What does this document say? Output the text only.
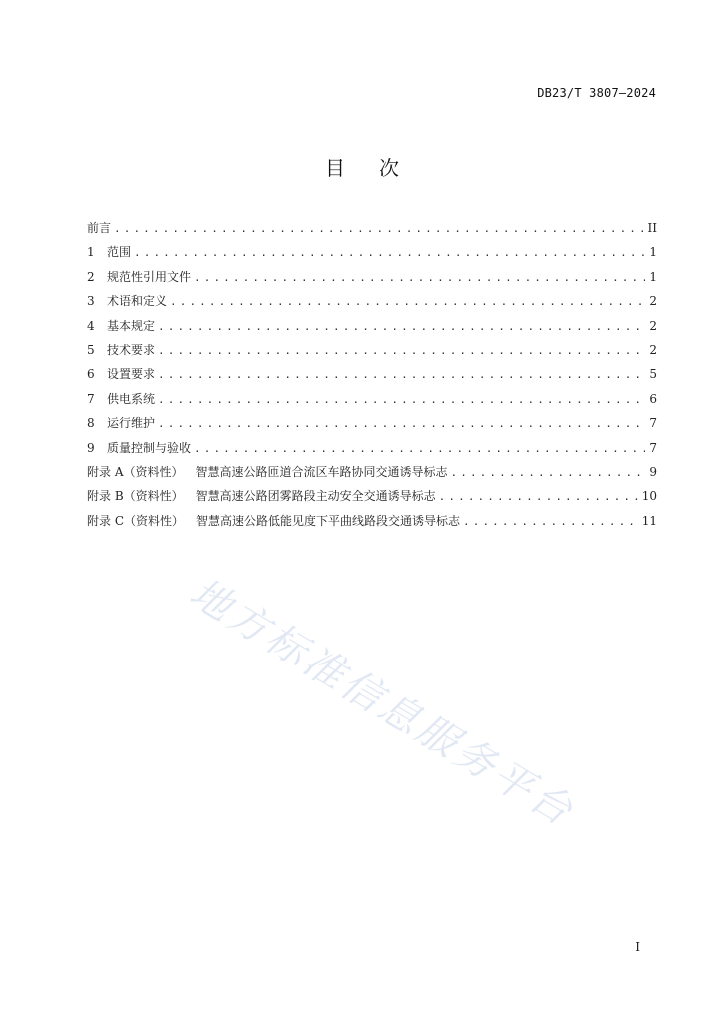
DB23/T 3807—2024
目次
前言 .....	II
1	范围 .....	1
2	规范性引用文件 .....	1
3	术语和定义 .....	2
4	基本规定 .....	2
5	技术要求 .....	2
6	设置要求 .....	5
7	供电系统 .....	6
8	运行维护 .....	7
9	质量控制与验收 .....	7
附录 A（资料性） 智慧高速公路匝道合流区车路协同交通诱导标志 .....	9
附录 B（资料性） 智慧高速公路团雾路段主动安全交通诱导标志 .....	10
附录 C（资料性） 智慧高速公路低能见度下平曲线路段交通诱导标志 .....	11
地方标准信息服务平台
I
